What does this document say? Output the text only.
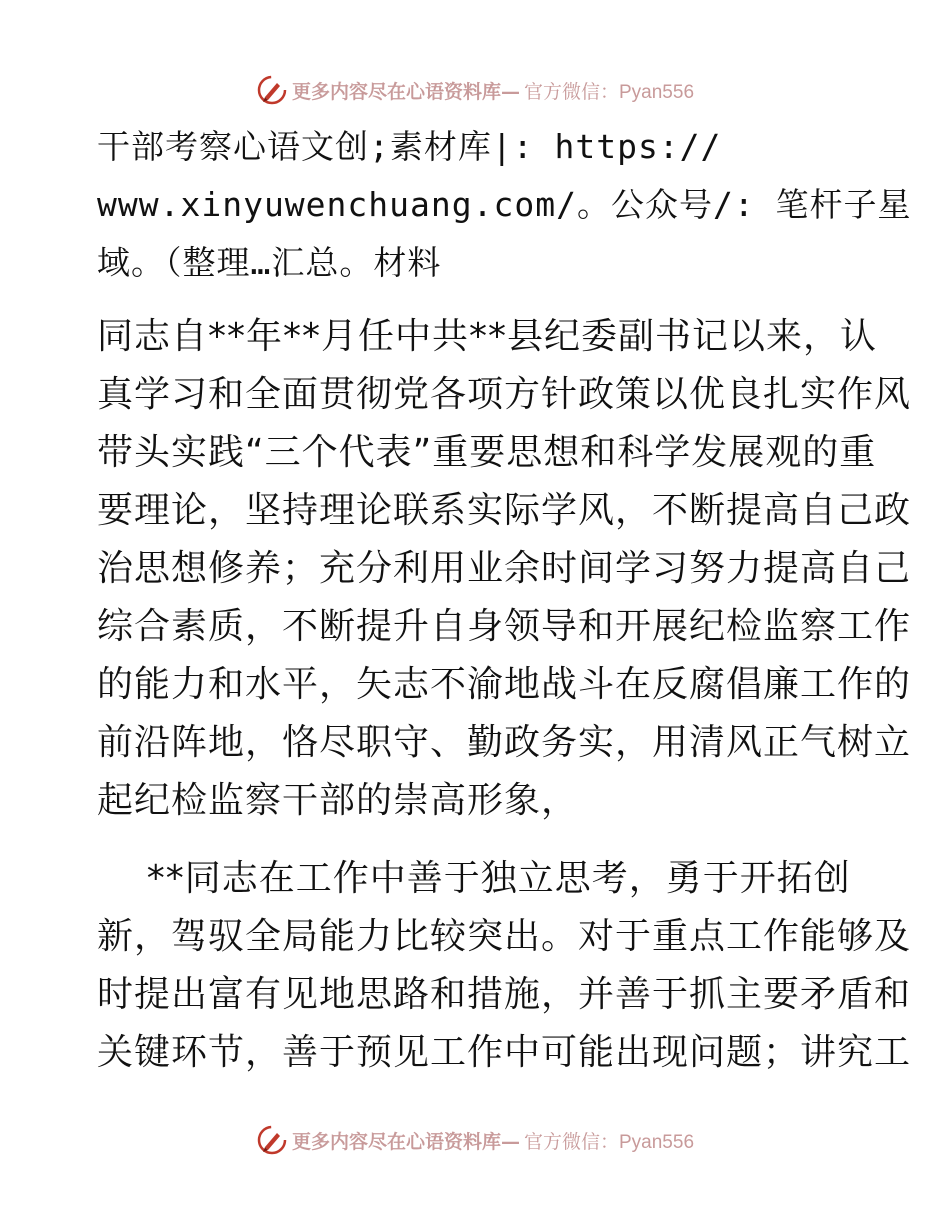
更多内容尽在心语资料库— 官方微信：Pyan556
干部考察心语文创;素材库|: https://
www.xinyuwenchuang.com/。公众号/: 笔杆子星
域。（整理…汇总。材料
同志自**年**月任中共**县纪委副书记以来，认
真学习和全面贯彻党各项方针政策以优良扎实作风
带头实践“三个代表”重要思想和科学发展观的重
要理论，坚持理论联系实际学风，不断提高自己政
治思想修养；充分利用业余时间学习努力提高自己
综合素质，不断提升自身领导和开展纪检监察工作
的能力和水平，矢志不渝地战斗在反腐倡廉工作的
前沿阵地，恪尽职守、勤政务实，用清风正气树立
起纪检监察干部的崇高形象，
**同志在工作中善于独立思考，勇于开拓创
新，驾驭全局能力比较突出。对于重点工作能够及
时提出富有见地思路和措施，并善于抓主要矛盾和
关键环节，善于预见工作中可能出现问题；讲究工
更多内容尽在心语资料库— 官方微信：Pyan556
